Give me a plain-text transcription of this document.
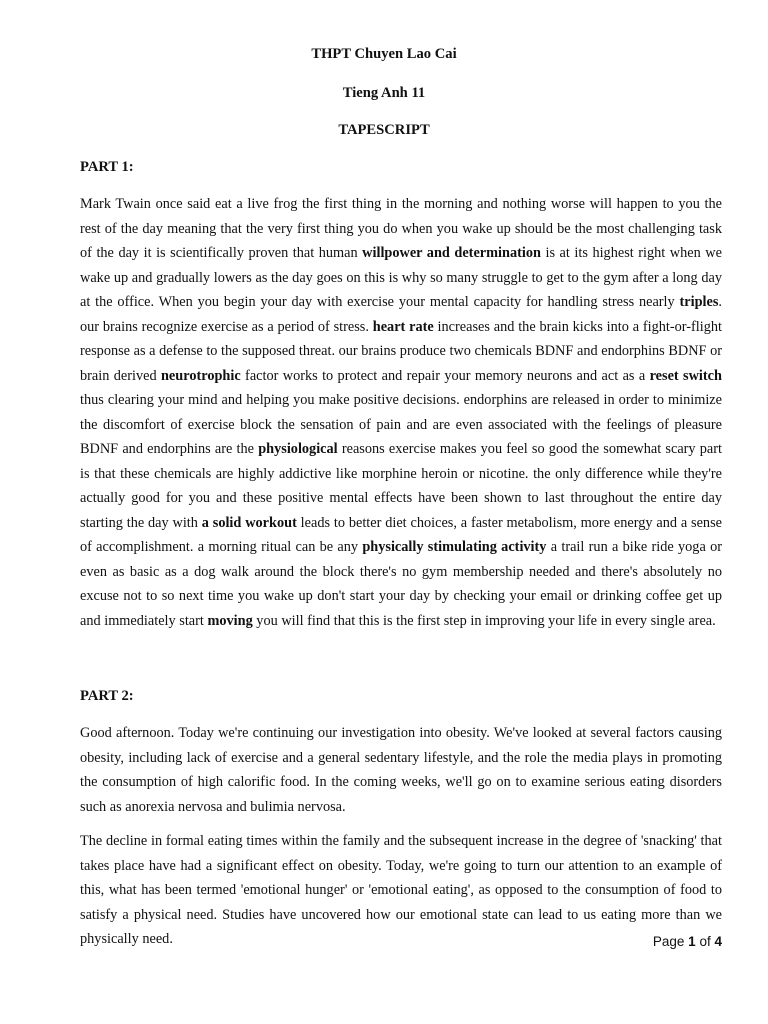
THPT Chuyen Lao Cai

Tieng Anh 11

TAPESCRIPT

PART 1:

Mark Twain once said eat a live frog the first thing in the morning and nothing worse will happen to you the rest of the day meaning that the very first thing you do when you wake up should be the most challenging task of the day it is scientifically proven that human willpower and determination is at its highest right when we wake up and gradually lowers as the day goes on this is why so many struggle to get to the gym after a long day at the office. When you begin your day with exercise your mental capacity for handling stress nearly triples. our brains recognize exercise as a period of stress. heart rate increases and the brain kicks into a fight-or-flight response as a defense to the supposed threat. our brains produce two chemicals BDNF and endorphins BDNF or brain derived neurotrophic factor works to protect and repair your memory neurons and act as a reset switch thus clearing your mind and helping you make positive decisions. endorphins are released in order to minimize the discomfort of exercise block the sensation of pain and are even associated with the feelings of pleasure BDNF and endorphins are the physiological reasons exercise makes you feel so good the somewhat scary part is that these chemicals are highly addictive like morphine heroin or nicotine. the only difference while they're actually good for you and these positive mental effects have been shown to last throughout the entire day starting the day with a solid workout leads to better diet choices, a faster metabolism, more energy and a sense of accomplishment. a morning ritual can be any physically stimulating activity a trail run a bike ride yoga or even as basic as a dog walk around the block there's no gym membership needed and there's absolutely no excuse not to so next time you wake up don't start your day by checking your email or drinking coffee get up and immediately start moving you will find that this is the first step in improving your life in every single area.

PART 2:

Good afternoon. Today we're continuing our investigation into obesity. We've looked at several factors causing obesity, including lack of exercise and a general sedentary lifestyle, and the role the media plays in promoting the consumption of high calorific food. In the coming weeks, we'll go on to examine serious eating disorders such as anorexia nervosa and bulimia nervosa.

The decline in formal eating times within the family and the subsequent increase in the degree of 'snacking' that takes place have had a significant effect on obesity. Today, we're going to turn our attention to an example of this, what has been termed 'emotional hunger' or 'emotional eating', as opposed to the consumption of food to satisfy a physical need. Studies have uncovered how our emotional state can lead to us eating more than we physically need.	Page 1 of 4
